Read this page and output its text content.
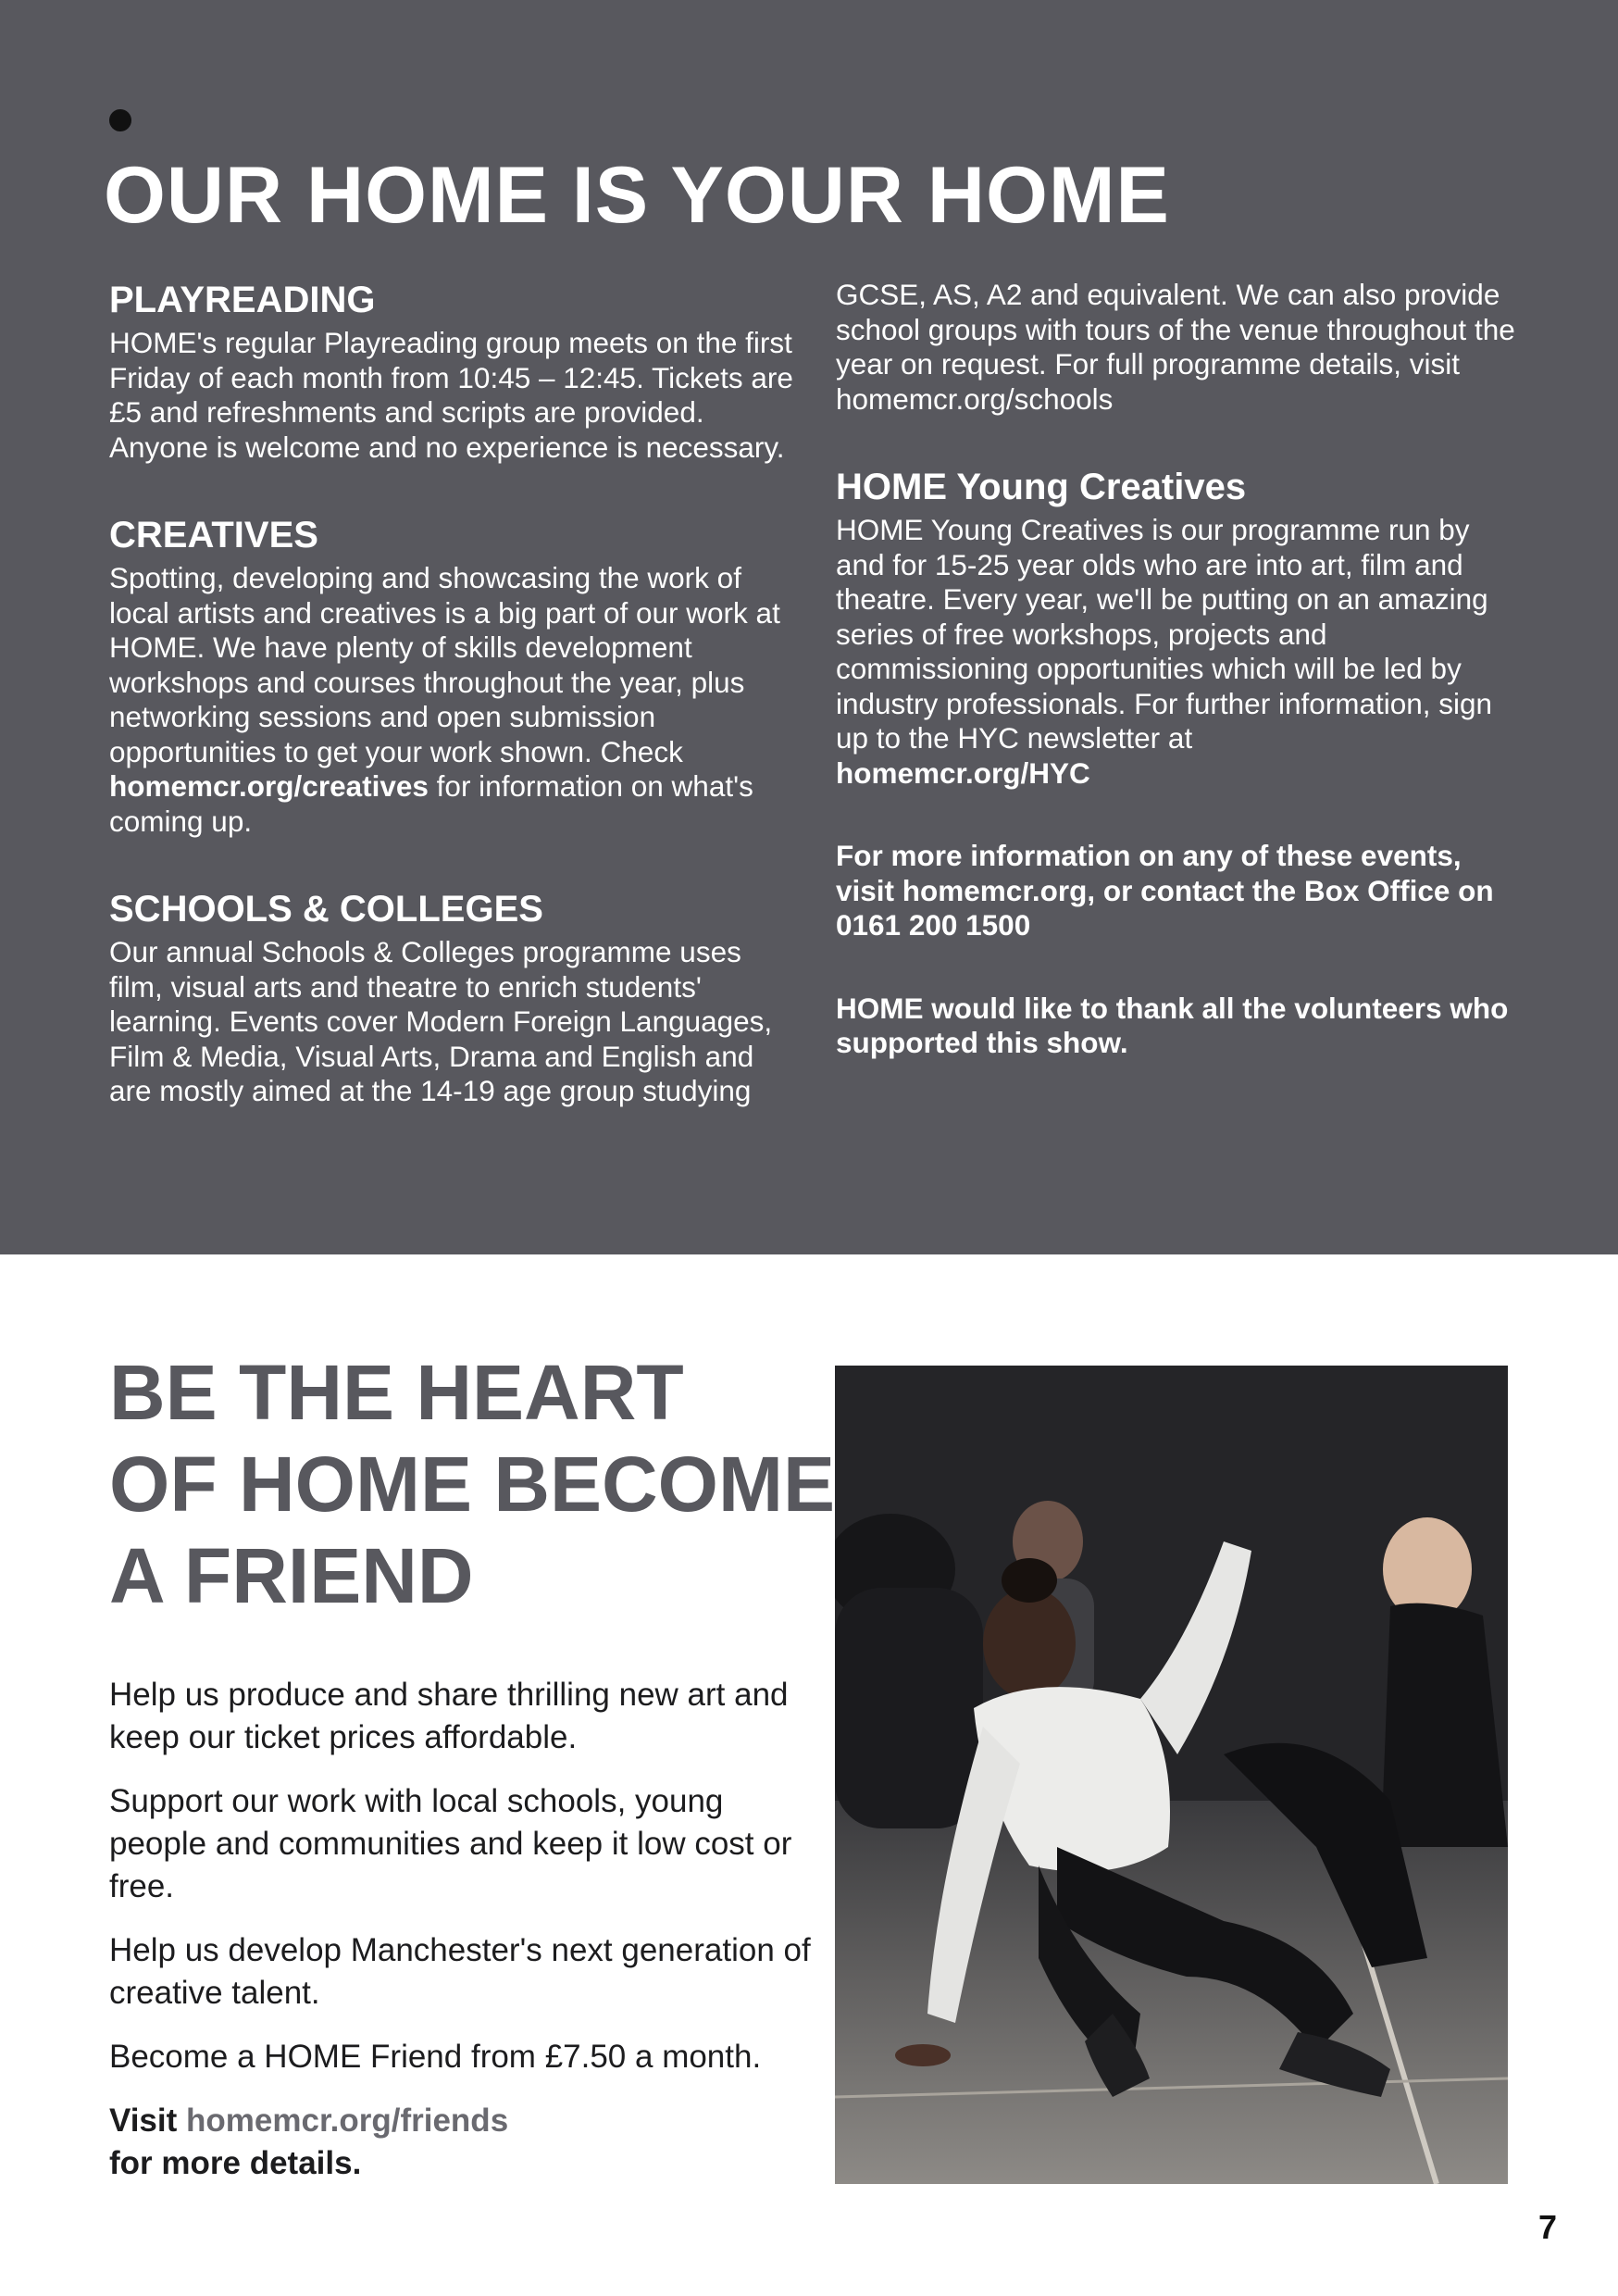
OUR HOME IS YOUR HOME
PLAYREADING

HOME's regular Playreading group meets on the first Friday of each month from 10:45 – 12:45. Tickets are £5 and refreshments and scripts are provided. Anyone is welcome and no experience is necessary.

CREATIVES

Spotting, developing and showcasing the work of local artists and creatives is a big part of our work at HOME. We have plenty of skills development workshops and courses throughout the year, plus networking sessions and open submission opportunities to get your work shown. Check homemcr.org/creatives for information on what's coming up.

SCHOOLS & COLLEGES

Our annual Schools & Colleges programme uses film, visual arts and theatre to enrich students' learning. Events cover Modern Foreign Languages, Film & Media, Visual Arts, Drama and English and are mostly aimed at the 14-19 age group studying

GCSE, AS, A2 and equivalent. We can also provide school groups with tours of the venue throughout the year on request. For full programme details, visit homemcr.org/schools

HOME Young Creatives

HOME Young Creatives is our programme run by and for 15-25 year olds who are into art, film and theatre. Every year, we'll be putting on an amazing series of free workshops, projects and commissioning opportunities which will be led by industry professionals. For further information, sign up to the HYC newsletter at
homemcr.org/HYC

For more information on any of these events, visit homemcr.org, or contact the Box Office on 0161 200 1500

HOME would like to thank all the volunteers who supported this show.

BE THE HEART
OF HOME BECOME
A FRIEND

Help us produce and share thrilling new art and keep our ticket prices affordable.

Support our work with local schools, young people and communities and keep it low cost or free.

Help us develop Manchester's next generation of creative talent.

Become a HOME Friend from £7.50 a month.

Visit homemcr.org/friends
for more details.

7
